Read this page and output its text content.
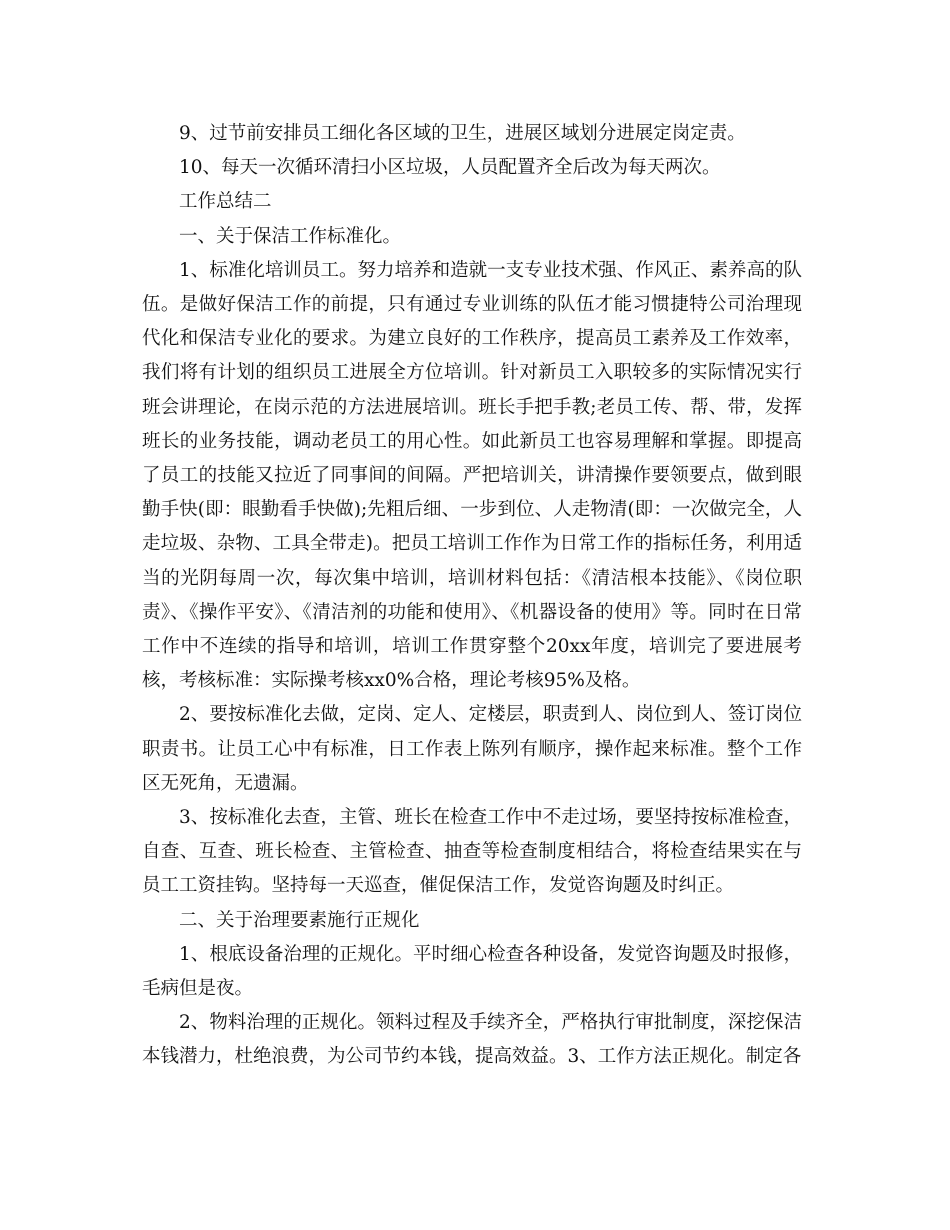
9、过节前安排员工细化各区域的卫生，进展区域划分进展定岗定责。

10、每天一次循环清扫小区垃圾，人员配置齐全后改为每天两次。

工作总结二

一、关于保洁工作标准化。

1、标准化培训员工。努力培养和造就一支专业技术强、作风正、素养高的队伍。是做好保洁工作的前提，只有通过专业训练的队伍才能习惯捷特公司治理现代化和保洁专业化的要求。为建立良好的工作秩序，提高员工素养及工作效率，我们将有计划的组织员工进展全方位培训。针对新员工入职较多的实际情况实行班会讲理论，在岗示范的方法进展培训。班长手把手教;老员工传、帮、带，发挥班长的业务技能，调动老员工的用心性。如此新员工也容易理解和掌握。即提高了员工的技能又拉近了同事间的间隔。严把培训关，讲清操作要领要点，做到眼勤手快(即：眼勤看手快做);先粗后细、一步到位、人走物清(即：一次做完全，人走垃圾、杂物、工具全带走)。把员工培训工作作为日常工作的指标任务，利用适当的光阴每周一次，每次集中培训，培训材料包括：《清洁根本技能》、《岗位职责》、《操作平安》、《清洁剂的功能和使用》、《机器设备的使用》等。同时在日常工作中不连续的指导和培训，培训工作贯穿整个20xx年度，培训完了要进展考核，考核标准：实际操考核xx0%合格，理论考核95%及格。

2、要按标准化去做，定岗、定人、定楼层，职责到人、岗位到人、签订岗位职责书。让员工心中有标准，日工作表上陈列有顺序，操作起来标准。整个工作区无死角，无遗漏。

3、按标准化去查，主管、班长在检查工作中不走过场，要坚持按标准检查，自查、互查、班长检查、主管检查、抽查等检查制度相结合，将检查结果实在与员工工资挂钩。坚持每一天巡查，催促保洁工作，发觉咨询题及时纠正。

二、关于治理要素施行正规化

1、根底设备治理的正规化。平时细心检查各种设备，发觉咨询题及时报修，毛病但是夜。

2、物料治理的正规化。领料过程及手续齐全，严格执行审批制度，深挖保洁本钱潜力，杜绝浪费，为公司节约本钱，提高效益。3、工作方法正规化。制定各
